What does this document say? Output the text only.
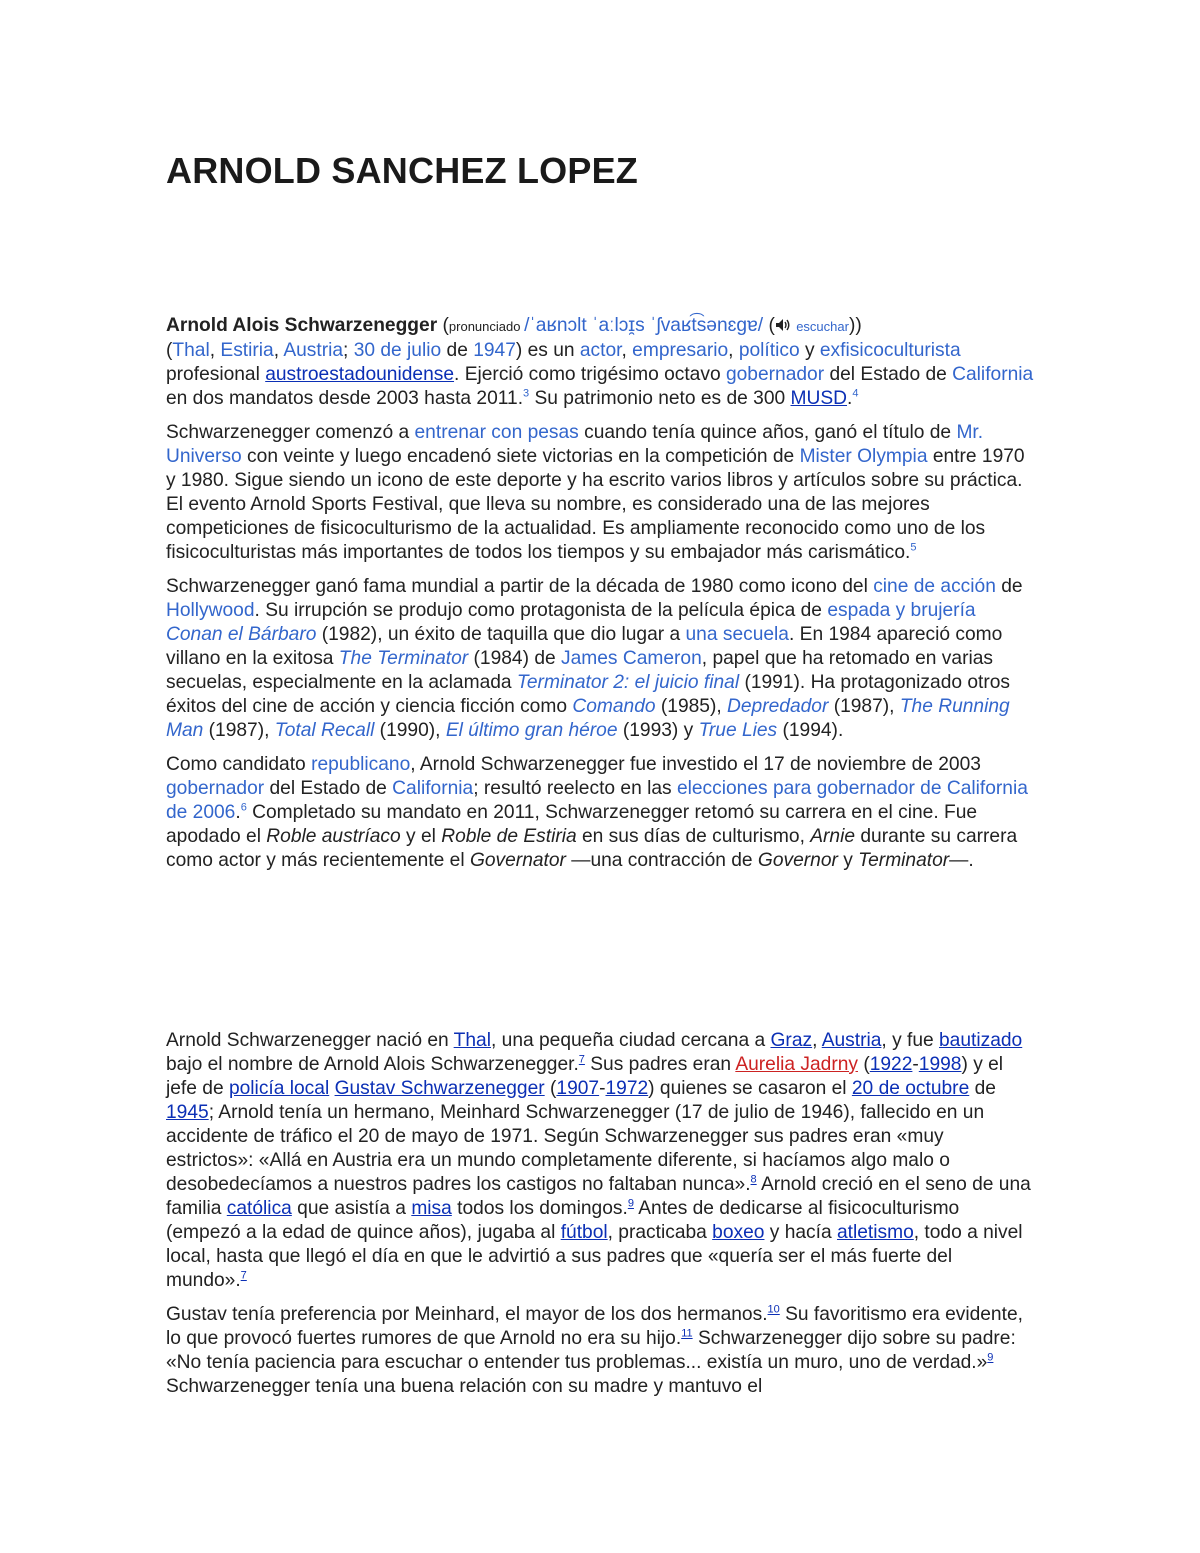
ARNOLD SANCHEZ LOPEZ

Arnold Alois Schwarzenegger (pronunciado /ˈaʁnɔlt ˈaːlɔɪ̯s ˈʃvaʁt͡sənɛɡɐ/ ( escuchar))
(Thal, Estiria, Austria; 30 de julio de 1947) es un actor, empresario, político y exfisicoculturista profesional austroestadounidense. Ejerció como trigésimo octavo gobernador del Estado de California en dos mandatos desde 2003 hasta 2011.$^3$ Su patrimonio neto es de 300 MUSD.$^4$

Schwarzenegger comenzó a entrenar con pesas cuando tenía quince años, ganó el título de Mr. Universo con veinte y luego encadenó siete victorias en la competición de Mister Olympia entre 1970 y 1980. Sigue siendo un icono de este deporte y ha escrito varios libros y artículos sobre su práctica. El evento Arnold Sports Festival, que lleva su nombre, es considerado una de las mejores competiciones de fisicoculturismo de la actualidad. Es ampliamente reconocido como uno de los fisicoculturistas más importantes de todos los tiempos y su embajador más carismático.$^5$

Schwarzenegger ganó fama mundial a partir de la década de 1980 como icono del cine de acción de Hollywood. Su irrupción se produjo como protagonista de la película épica de espada y brujería Conan el Bárbaro (1982), un éxito de taquilla que dio lugar a una secuela. En 1984 apareció como villano en la exitosa The Terminator (1984) de James Cameron, papel que ha retomado en varias secuelas, especialmente en la aclamada Terminator 2: el juicio final (1991). Ha protagonizado otros éxitos del cine de acción y ciencia ficción como Comando (1985), Depredador (1987), The Running Man (1987), Total Recall (1990), El último gran héroe (1993) y True Lies (1994).

Como candidato republicano, Arnold Schwarzenegger fue investido el 17 de noviembre de 2003 gobernador del Estado de California; resultó reelecto en las elecciones para gobernador de California de 2006.$^6$ Completado su mandato en 2011, Schwarzenegger retomó su carrera en el cine. Fue apodado el Roble austríaco y el Roble de Estiria en sus días de culturismo, Arnie durante su carrera como actor y más recientemente el Governator —una contracción de Governor y Terminator—.

Arnold Schwarzenegger nació en Thal, una pequeña ciudad cercana a Graz, Austria, y fue bautizado bajo el nombre de Arnold Alois Schwarzenegger.$^7$ Sus padres eran Aurelia Jadrny (1922-1998) y el jefe de policía local Gustav Schwarzenegger (1907-1972) quienes se casaron el 20 de octubre de 1945; Arnold tenía un hermano, Meinhard Schwarzenegger (17 de julio de 1946), fallecido en un accidente de tráfico el 20 de mayo de 1971. Según Schwarzenegger sus padres eran «muy estrictos»: «Allá en Austria era un mundo completamente diferente, si hacíamos algo malo o desobedecíamos a nuestros padres los castigos no faltaban nunca».$^8$ Arnold creció en el seno de una familia católica que asistía a misa todos los domingos.$^9$ Antes de dedicarse al fisicoculturismo (empezó a la edad de quince años), jugaba al fútbol, practicaba boxeo y hacía atletismo, todo a nivel local, hasta que llegó el día en que le advirtió a sus padres que «quería ser el más fuerte del mundo».$^7$

Gustav tenía preferencia por Meinhard, el mayor de los dos hermanos.$^{10}$ Su favoritismo era evidente, lo que provocó fuertes rumores de que Arnold no era su hijo.$^{11}$ Schwarzenegger dijo sobre su padre: «No tenía paciencia para escuchar o entender tus problemas... existía un muro, uno de verdad.»$^9$ Schwarzenegger tenía una buena relación con su madre y mantuvo el
